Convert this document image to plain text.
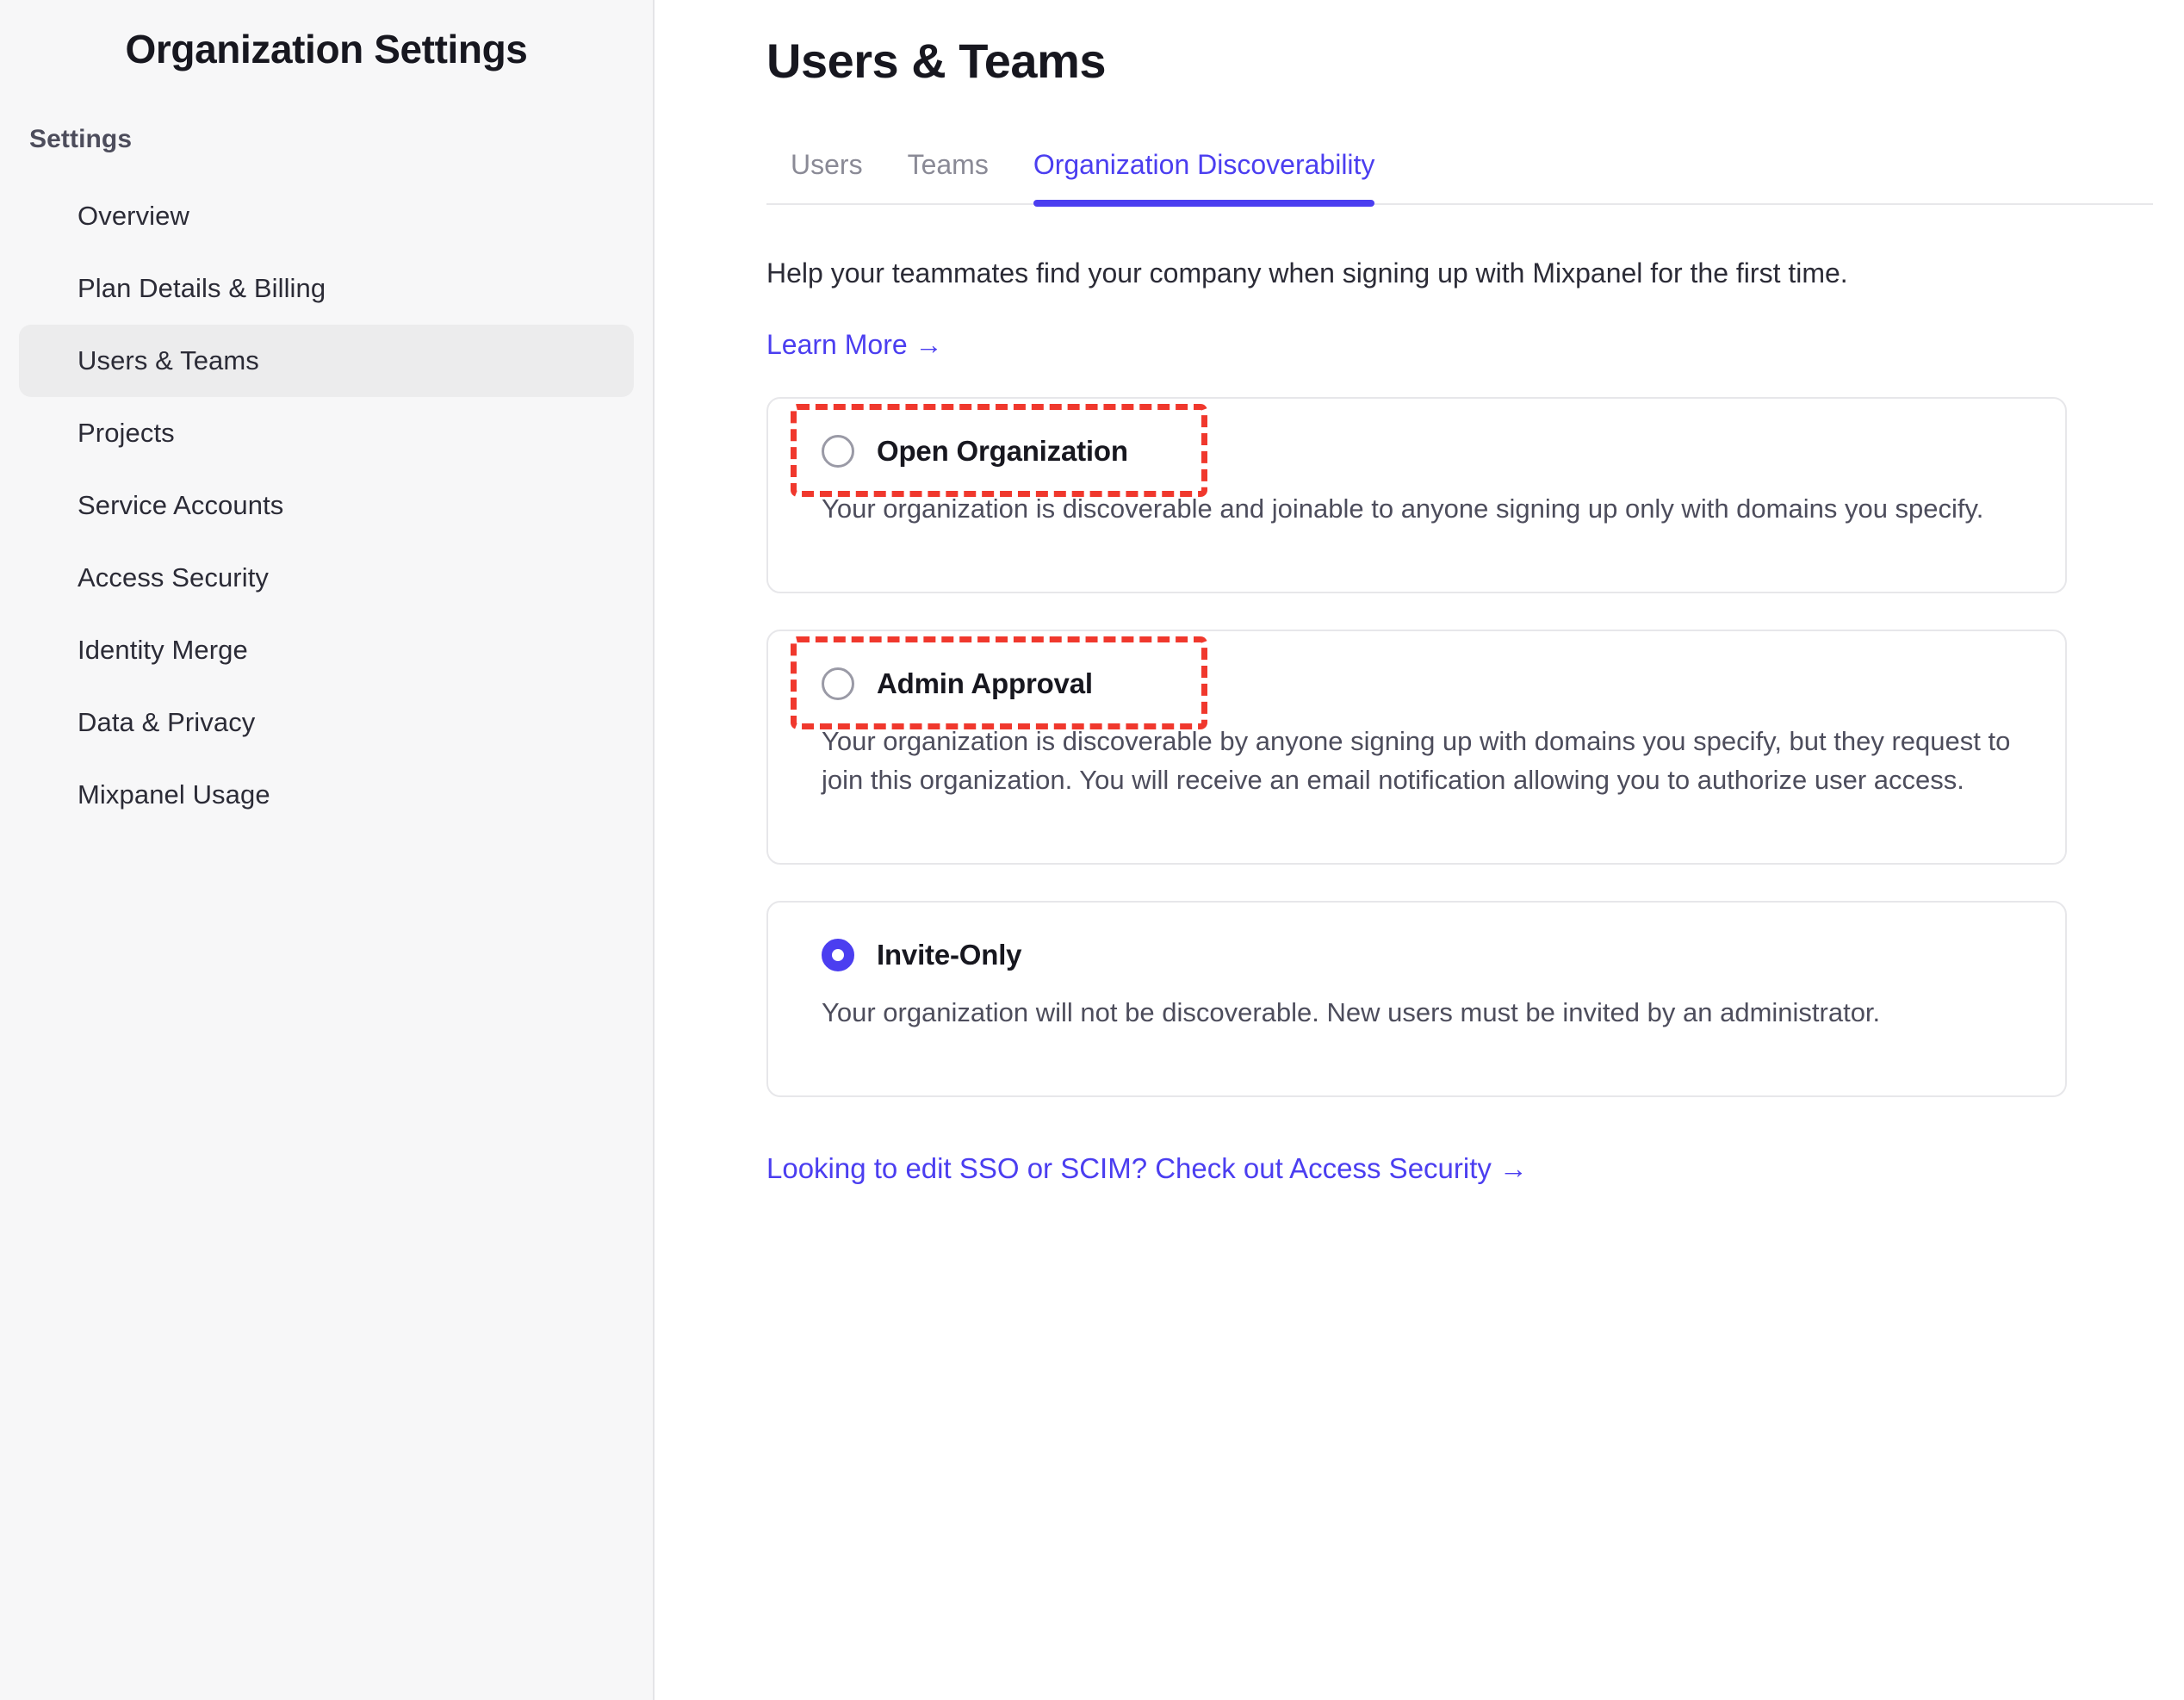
Organization Settings
Settings
Overview
Plan Details & Billing
Users & Teams
Projects
Service Accounts
Access Security
Identity Merge
Data & Privacy
Mixpanel Usage
Users & Teams
Users	Teams	Organization Discoverability

Help your teammates find your company when signing up with Mixpanel for the first time.

Learn More →
Open Organization

Your organization is discoverable and joinable to anyone signing up only with domains you specify.

Admin Approval

Your organization is discoverable by anyone signing up with domains you specify, but they request to join this organization. You will receive an email notification allowing you to authorize user access.

Invite-Only

Your organization will not be discoverable. New users must be invited by an administrator.

Looking to edit SSO or SCIM? Check out Access Security →
